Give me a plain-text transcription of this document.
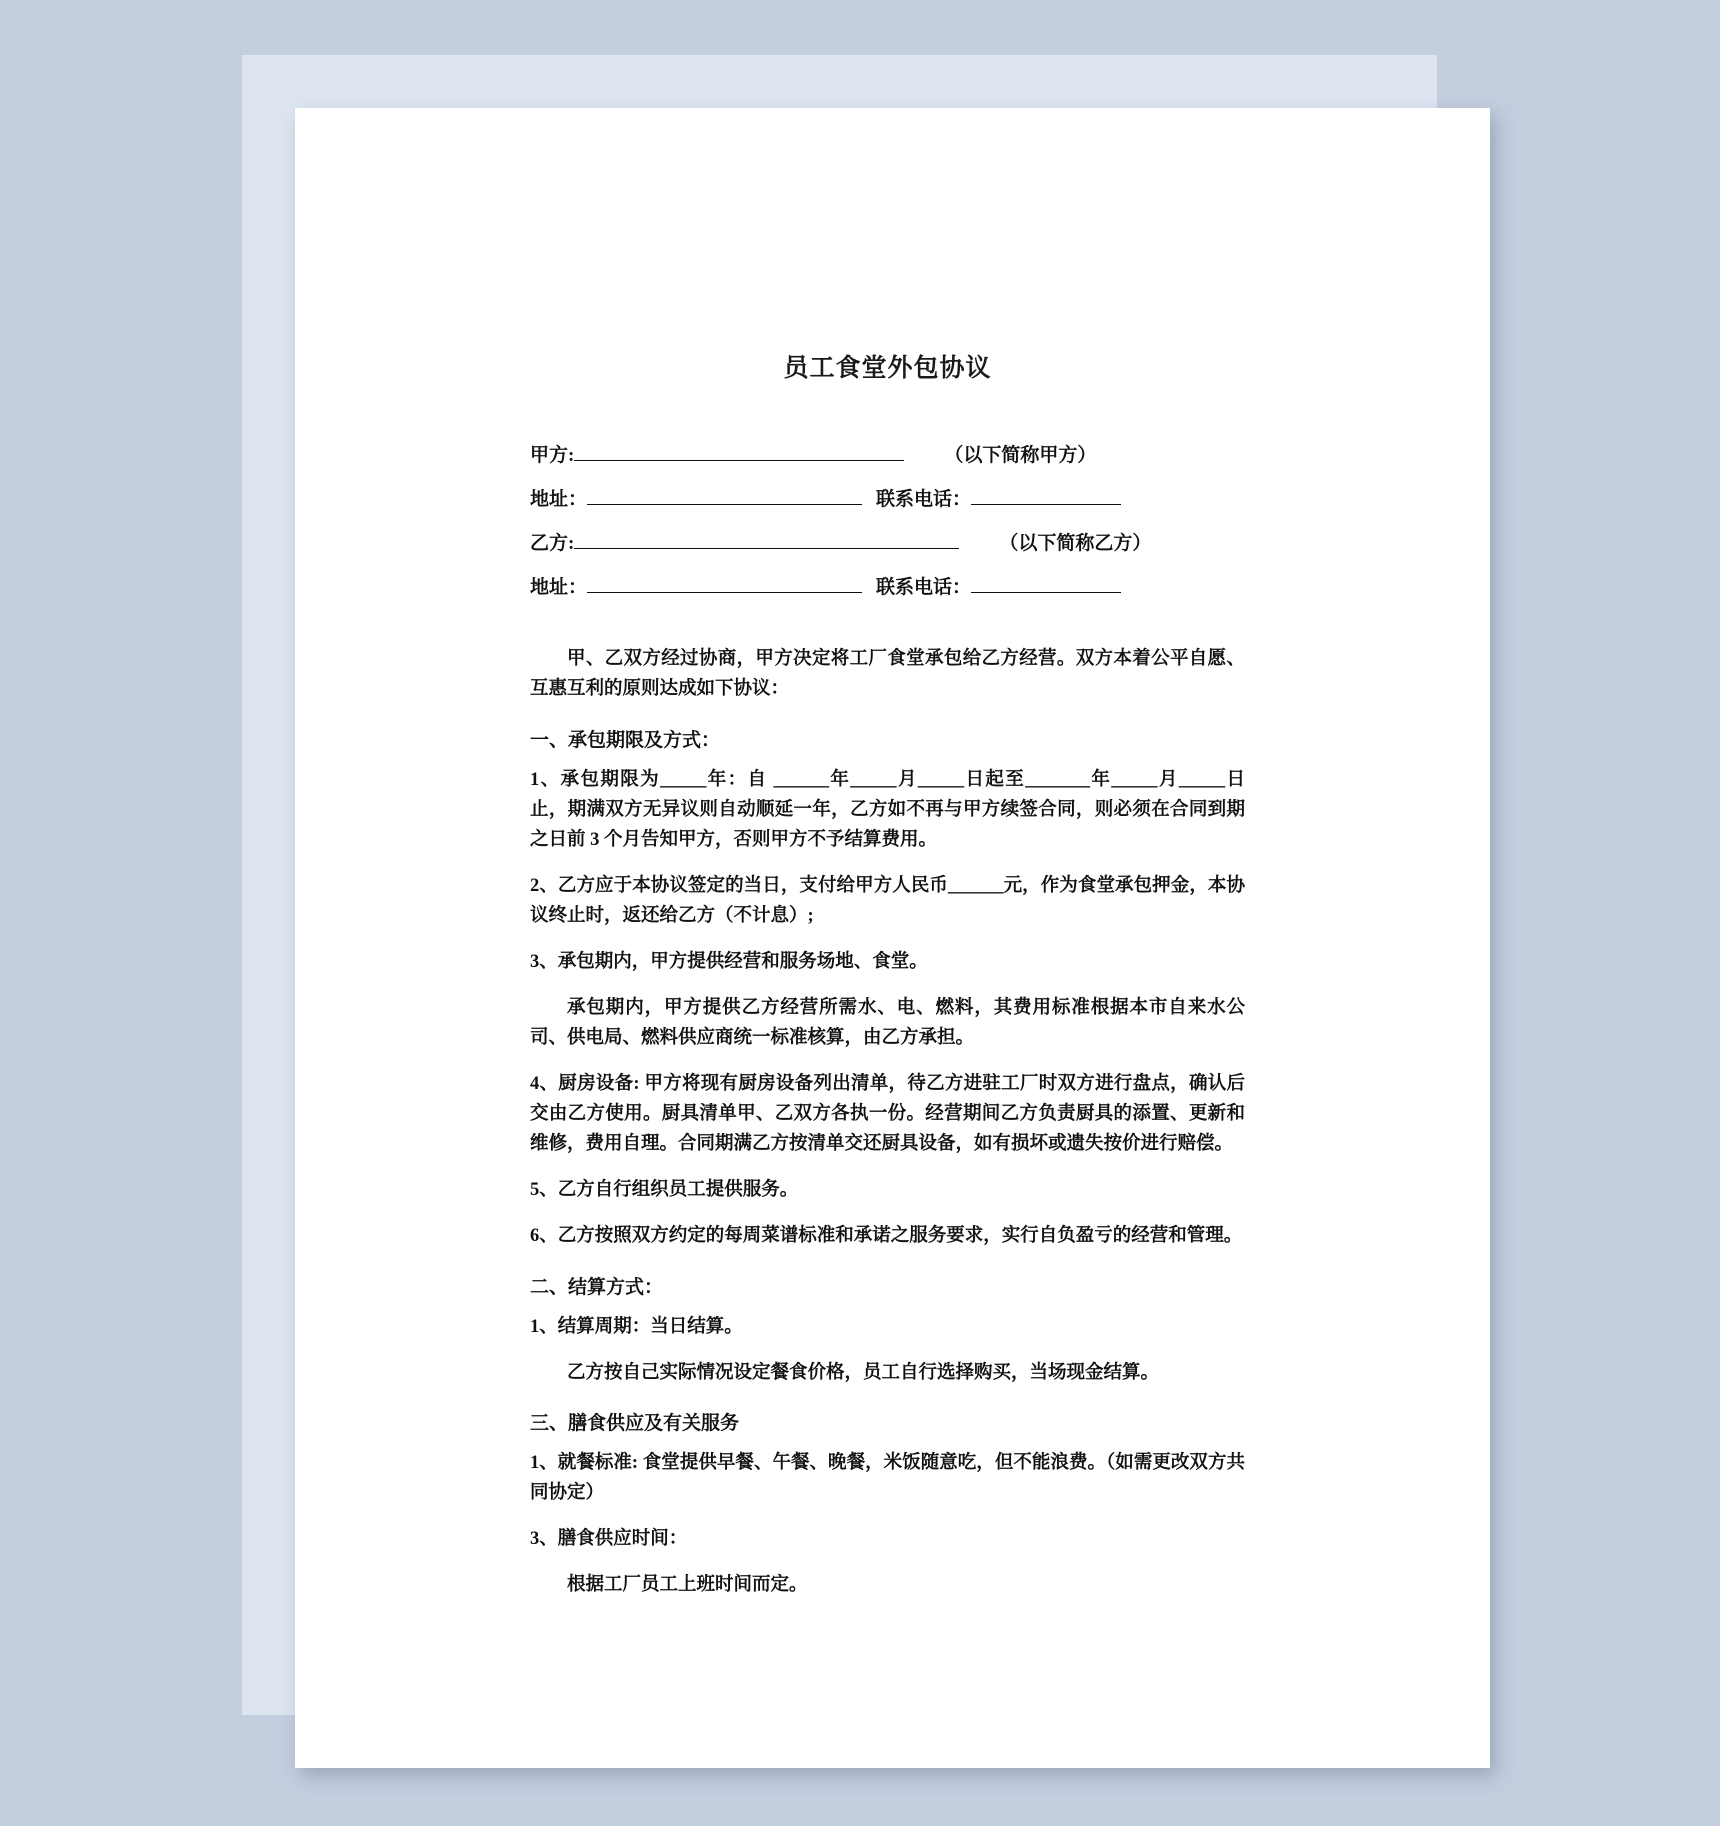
员工食堂外包协议
甲方:	（以下简称甲方）
地址：	联系电话：
乙方:	（以下简称乙方）
地址：	联系电话：

甲、乙双方经过协商，甲方决定将工厂食堂承包给乙方经营。双方本着公平自愿、互惠互利的原则达成如下协议：

一、承包期限及方式：

1、承包期限为_____年：自 ______年_____月_____日起至_______年_____月_____日止，期满双方无异议则自动顺延一年，乙方如不再与甲方续签合同，则必须在合同到期之日前 3 个月告知甲方，否则甲方不予结算费用。

2、乙方应于本协议签定的当日，支付给甲方人民币______元，作为食堂承包押金，本协议终止时，返还给乙方（不计息）;

3、承包期内，甲方提供经营和服务场地、食堂。

承包期内，甲方提供乙方经营所需水、电、燃料，其费用标准根据本市自来水公司、供电局、燃料供应商统一标准核算，由乙方承担。

4、厨房设备: 甲方将现有厨房设备列出清单，待乙方进驻工厂时双方进行盘点，确认后交由乙方使用。厨具清单甲、乙双方各执一份。经营期间乙方负责厨具的添置、更新和维修，费用自理。合同期满乙方按清单交还厨具设备，如有损坏或遗失按价进行赔偿。

5、乙方自行组织员工提供服务。

6、乙方按照双方约定的每周菜谱标准和承诺之服务要求，实行自负盈亏的经营和管理。

二、结算方式：

1、结算周期：当日结算。

乙方按自己实际情况设定餐食价格，员工自行选择购买，当场现金结算。

三、膳食供应及有关服务

1、就餐标准: 食堂提供早餐、午餐、晚餐，米饭随意吃，但不能浪费。（如需更改双方共同协定）

3、膳食供应时间：

根据工厂员工上班时间而定。
